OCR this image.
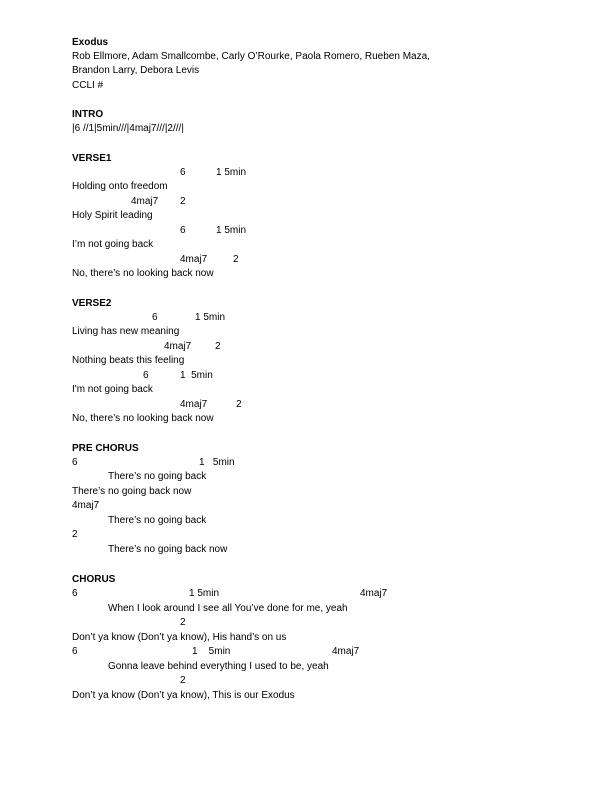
Exodus
Rob Ellmore, Adam Smallcombe, Carly O’Rourke, Paola Romero, Rueben Maza,
Brandon Larry, Debora Levis
CCLI #
INTRO
|6 //1|5min///|4maj7///|2///|
VERSE1
6	1 5min
Holding onto freedom
4maj7 2
Holy Spirit leading
6	1 5min
I’m not going back
4maj7	2
No, there’s no looking back now
VERSE2
6	1 5min
Living has new meaning
4maj7 2
Nothing beats this feeling
6	1  5min
I'm not going back
4maj7	2
No, there’s no looking back now
PRE CHORUS
6	1   5min
There’s no going back
There’s no going back now
4maj7
There’s no going back
2
There’s no going back now
CHORUS
6	1 5min	4maj7
When I look around I see all You’ve done for me, yeah
2
Don’t ya know (Don’t ya know), His hand’s on us
6	1    5min	4maj7
Gonna leave behind everything I used to be, yeah
2
Don’t ya know (Don’t ya know), This is our Exodus
